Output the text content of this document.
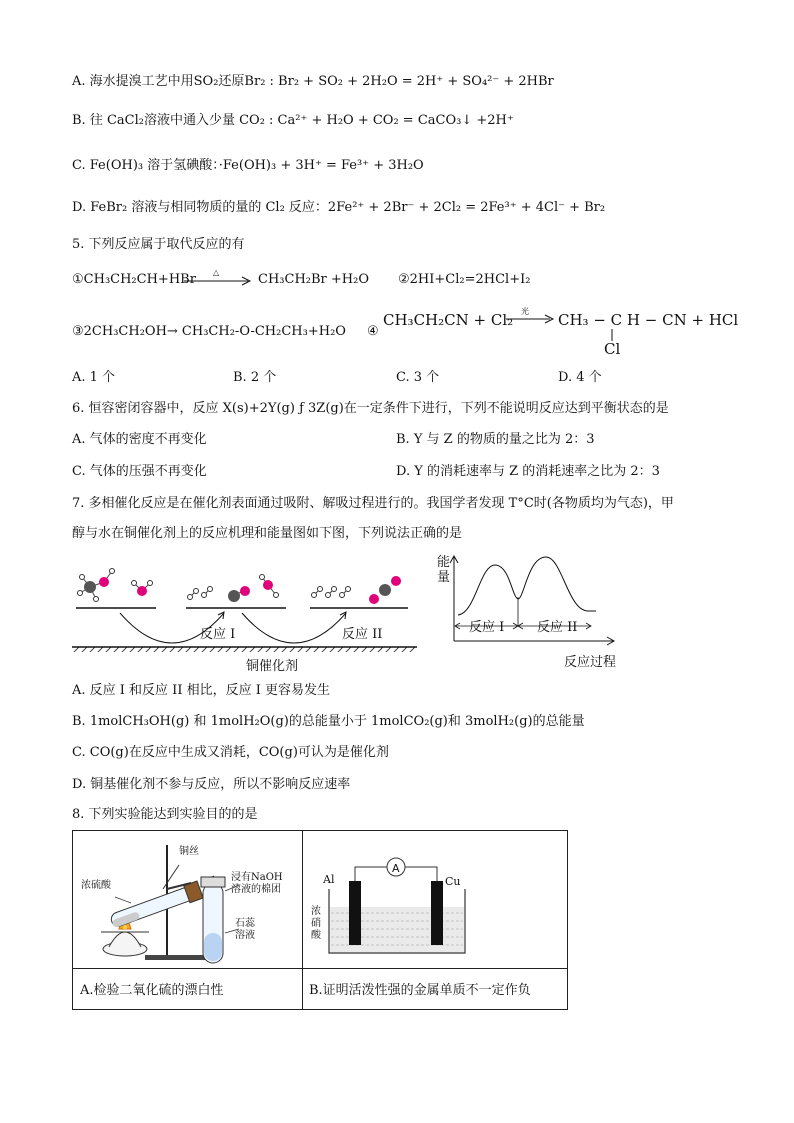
A. 海水提溴工艺中用SO₂还原Br₂ : Br₂ + SO₂ + 2H₂O = 2H⁺ + SO₄²⁻ + 2HBr
B. 往 CaCl₂溶液中通入少量 CO₂ : Ca²⁺ + H₂O + CO₂ = CaCO₃↓ +2H⁺
C. Fe(OH)₃ 溶于氢碘酸：·Fe(OH)₃ + 3H⁺ = Fe³⁺ + 3H₂O
D. FeBr₂ 溶液与相同物质的量的 Cl₂ 反应：2Fe²⁺ + 2Br⁻ + 2Cl₂ = 2Fe³⁺ + 4Cl⁻ + Br₂
5. 下列反应属于取代反应的有
①CH₃CH₂CH+HBr △	CH₃CH₂Br +H₂O ②2HI+Cl₂=2HCl+I₂
③2CH₃CH₂OH→ CH₃CH₂-O-CH₂CH₃+H₂O ④
CH₃CH₂CN + Cl₂ 光 CH₃ − C H − CN + HCl
Cl
A. 1 个	B. 2 个	C. 3 个	D. 4 个
6. 恒容密闭容器中，反应 X(s)+2Y(g) ƒ 3Z(g)在一定条件下进行，下列不能说明反应达到平衡状态的是
A. 气体的密度不再变化	B. Y 与 Z 的物质的量之比为 2：3
C. 气体的压强不再变化	D. Y 的消耗速率与 Z 的消耗速率之比为 2：3
7. 多相催化反应是在催化剂表面通过吸附、解吸过程进行的。我国学者发现 T°C时(各物质均为气态)，甲
醇与水在铜催化剂上的反应机理和能量图如下图，下列说法正确的是
反应 I	反应 II
铜催化剂
能量
反应 I	反应 II
反应过程
A. 反应 I 和反应 II 相比，反应 I 更容易发生
B. 1molCH₃OH(g) 和 1molH₂O(g)的总能量小于 1molCO₂(g)和 3molH₂(g)的总能量
C. CO(g)在反应中生成又消耗，CO(g)可认为是催化剂
D. 铜基催化剂不参与反应，所以不影响反应速率
8. 下列实验能达到实验目的的是
铜丝
浓硫酸
浸有NaOH
溶液的棉团
石蕊
溶液
A
Al	Cu
浓
硝
酸
A.检验二氧化硫的漂白性	B.证明活泼性强的金属单质不一定作负
